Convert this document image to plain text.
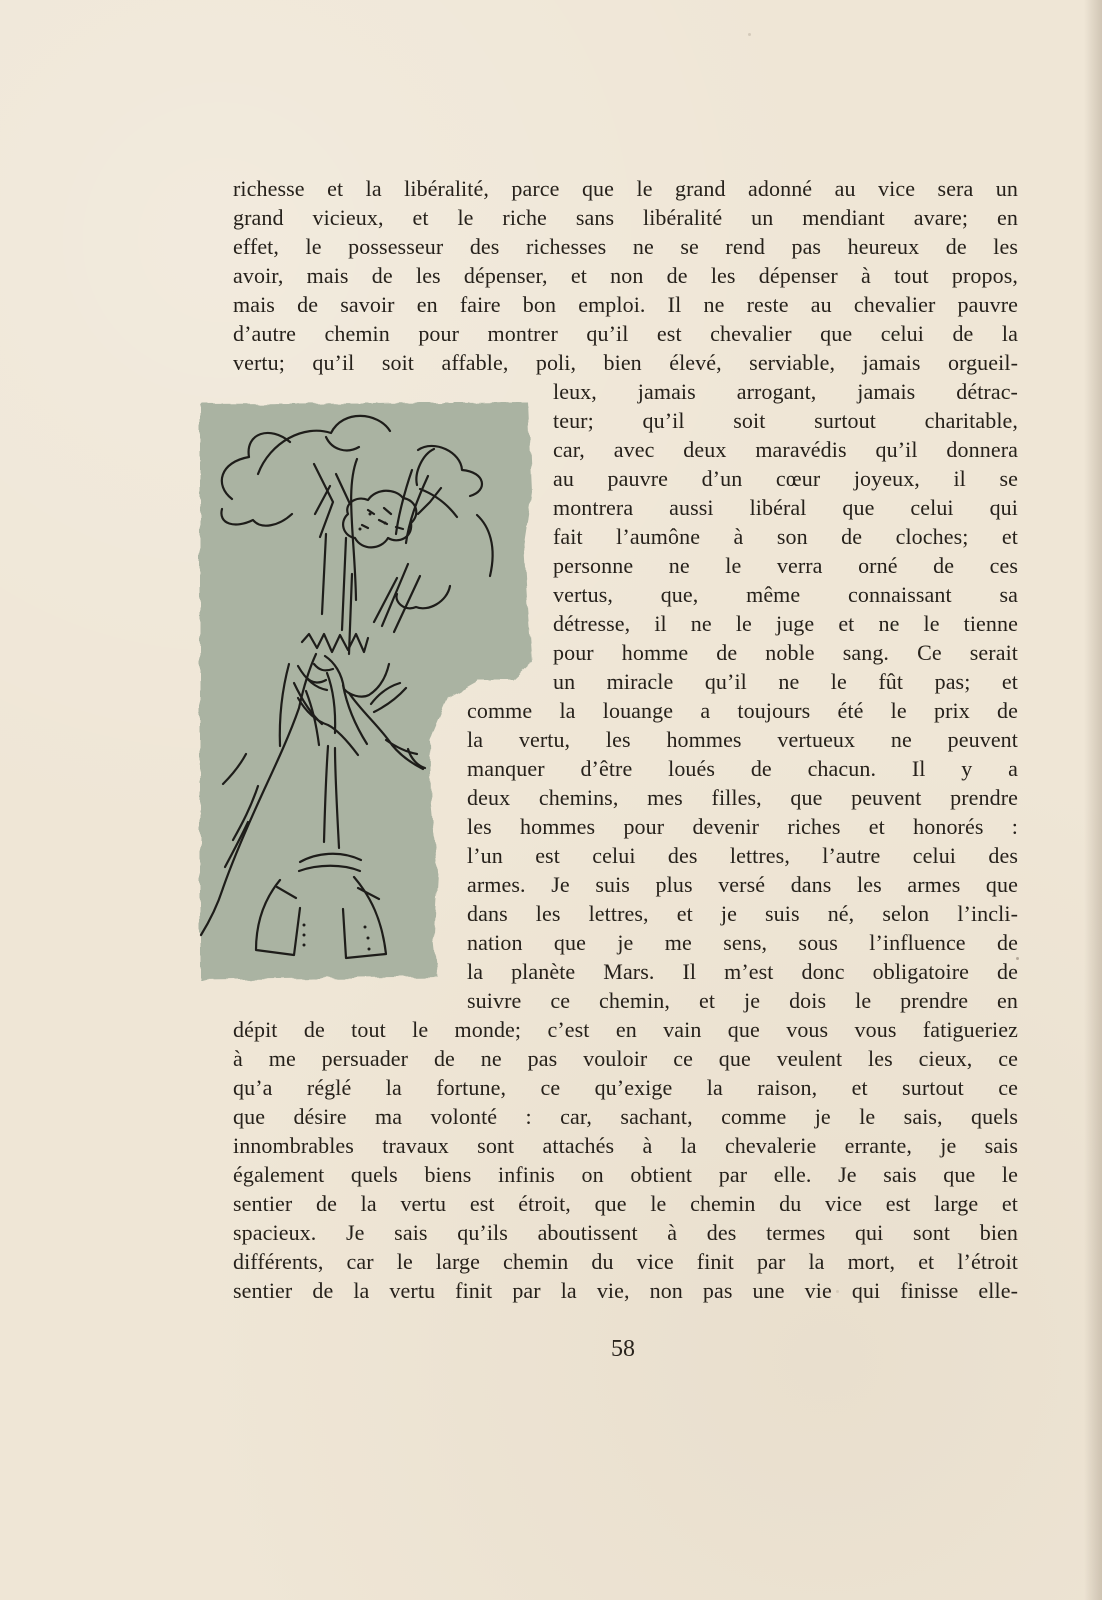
richesse et la libéralité, parce que le grand adonné au vice sera un
grand vicieux, et le riche sans libéralité un mendiant avare; en
effet, le possesseur des richesses ne se rend pas heureux de les
avoir, mais de les dépenser, et non de les dépenser à tout propos,
mais de savoir en faire bon emploi. Il ne reste au chevalier pauvre
d’autre chemin pour montrer qu’il est chevalier que celui de la
vertu; qu’il soit affable, poli, bien élevé, serviable, jamais orgueil-
leux, jamais arrogant, jamais détrac-
teur; qu’il soit surtout charitable,
car, avec deux maravédis qu’il donnera
au pauvre d’un cœur joyeux, il se
montrera aussi libéral que celui qui
fait l’aumône à son de cloches; et
personne ne le verra orné de ces
vertus, que, même connaissant sa
détresse, il ne le juge et ne le tienne
pour homme de noble sang. Ce serait
un miracle qu’il ne le fût pas; et
comme la louange a toujours été le prix de
la vertu, les hommes vertueux ne peuvent
manquer d’être loués de chacun. Il y a
deux chemins, mes filles, que peuvent prendre
les hommes pour devenir riches et honorés :
l’un est celui des lettres, l’autre celui des
armes. Je suis plus versé dans les armes que
dans les lettres, et je suis né, selon l’incli-
nation que je me sens, sous l’influence de
la planète Mars. Il m’est donc obligatoire de
suivre ce chemin, et je dois le prendre en
dépit de tout le monde; c’est en vain que vous vous fatigueriez
à me persuader de ne pas vouloir ce que veulent les cieux, ce
qu’a réglé la fortune, ce qu’exige la raison, et surtout ce
que désire ma volonté : car, sachant, comme je le sais, quels
innombrables travaux sont attachés à la chevalerie errante, je sais
également quels biens infinis on obtient par elle. Je sais que le
sentier de la vertu est étroit, que le chemin du vice est large et
spacieux. Je sais qu’ils aboutissent à des termes qui sont bien
différents, car le large chemin du vice finit par la mort, et l’étroit
sentier de la vertu finit par la vie, non pas une vie qui finisse elle-
58
